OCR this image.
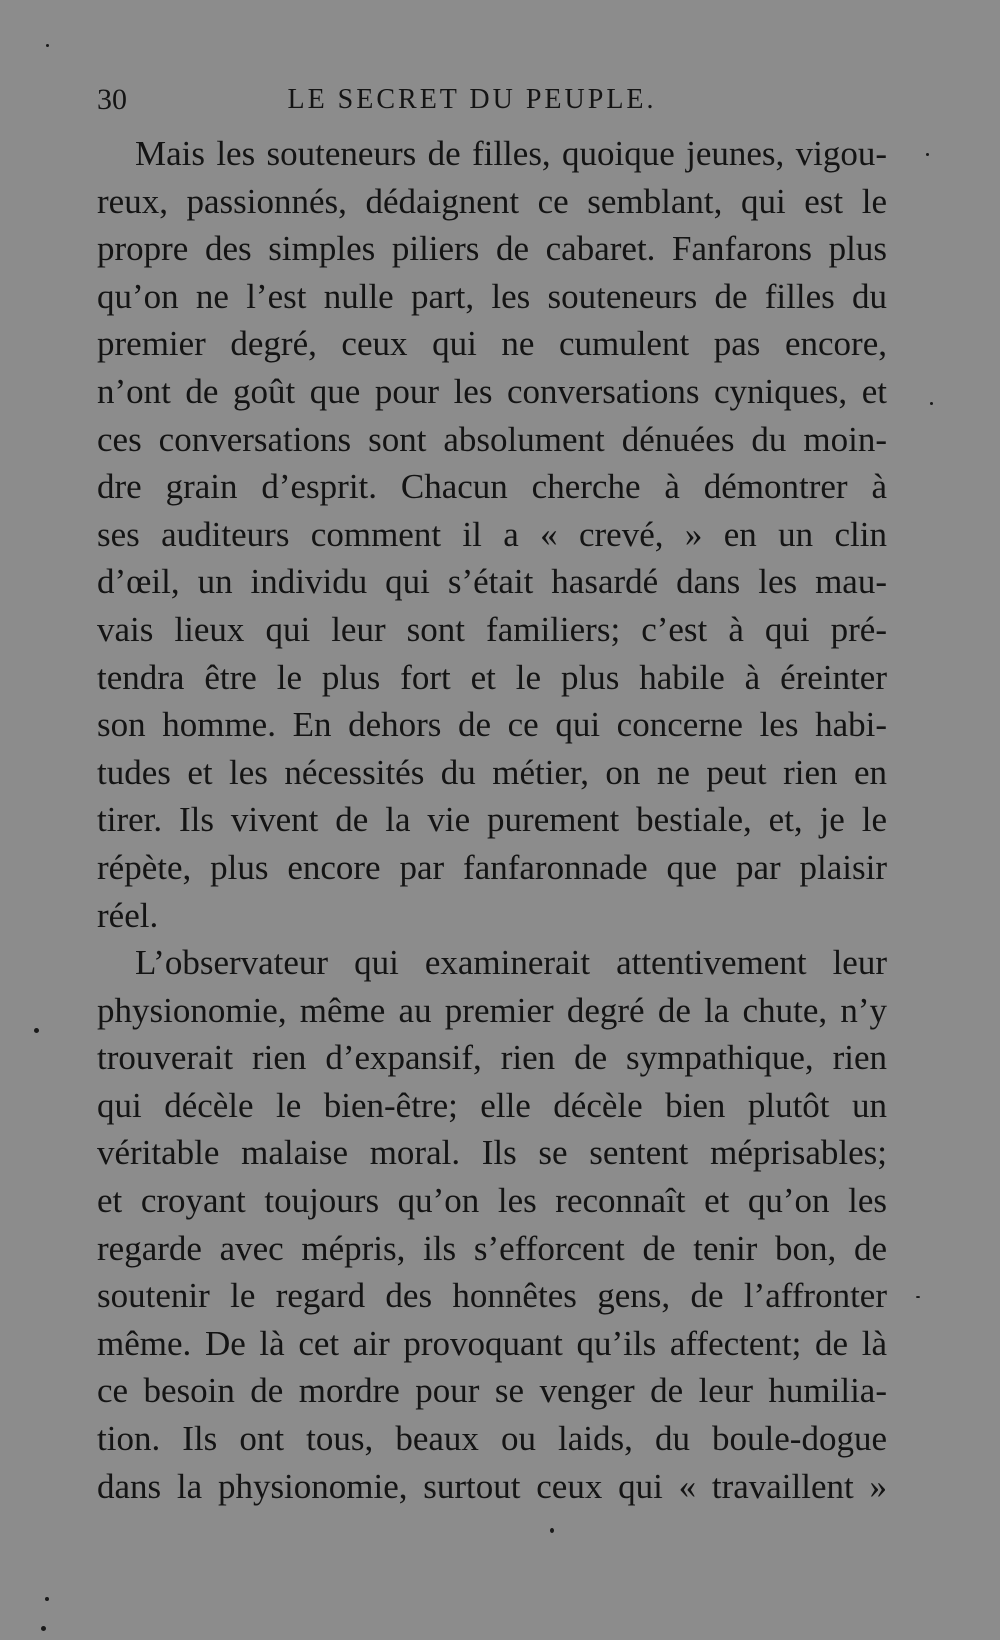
30	LE SECRET DU PEUPLE.
Mais les souteneurs de filles, quoique jeunes, vigou-
reux, passionnés, dédaignent ce semblant, qui est le
propre des simples piliers de cabaret. Fanfarons plus
qu’on ne l’est nulle part, les souteneurs de filles du
premier degré, ceux qui ne cumulent pas encore,
n’ont de goût que pour les conversations cyniques, et
ces conversations sont absolument dénuées du moin-
dre grain d’esprit. Chacun cherche à démontrer à
ses auditeurs comment il a « crevé, » en un clin
d’œil, un individu qui s’était hasardé dans les mau-
vais lieux qui leur sont familiers; c’est à qui pré-
tendra être le plus fort et le plus habile à éreinter
son homme. En dehors de ce qui concerne les habi-
tudes et les nécessités du métier, on ne peut rien en
tirer. Ils vivent de la vie purement bestiale, et, je le
répète, plus encore par fanfaronnade que par plaisir
réel.
L’observateur qui examinerait attentivement leur
physionomie, même au premier degré de la chute, n’y
trouverait rien d’expansif, rien de sympathique, rien
qui décèle le bien-être; elle décèle bien plutôt un
véritable malaise moral. Ils se sentent méprisables;
et croyant toujours qu’on les reconnaît et qu’on les
regarde avec mépris, ils s’efforcent de tenir bon, de
soutenir le regard des honnêtes gens, de l’affronter
même. De là cet air provoquant qu’ils affectent; de là
ce besoin de mordre pour se venger de leur humilia-
tion. Ils ont tous, beaux ou laids, du boule-dogue
dans la physionomie, surtout ceux qui « travaillent »
